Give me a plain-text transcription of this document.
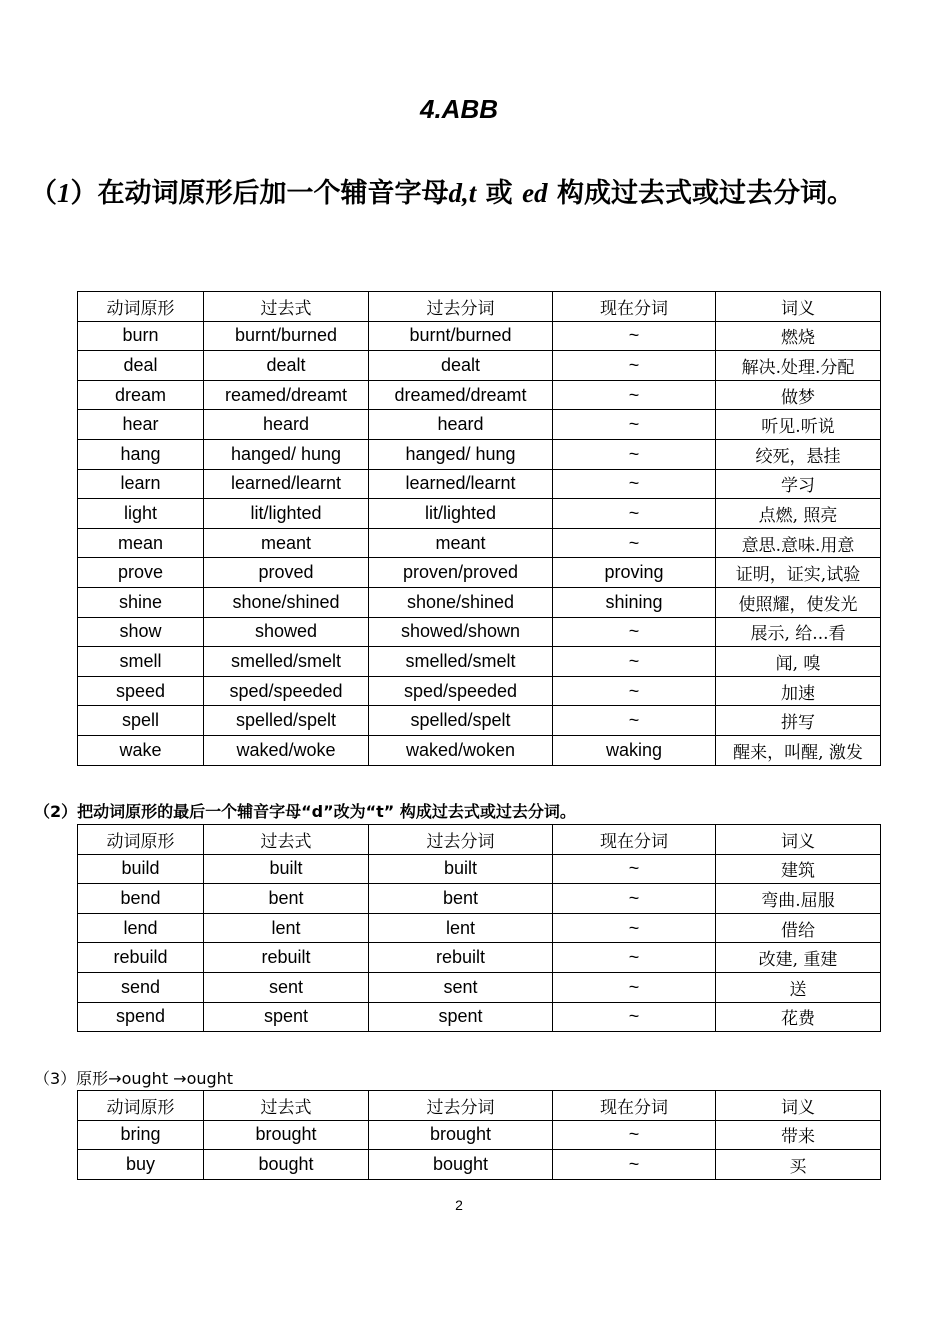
4.ABB
（1）在动词原形后加一个辅音字母d,t 或 ed 构成过去式或过去分词。
动词原形	过去式	过去分词	现在分词	词义
burn	burnt/burned	burnt/burned	~	燃烧
deal	dealt	dealt	~	解决.处理.分配
dream	reamed/dreamt	dreamed/dreamt	~	做梦
hear	heard	heard	~	听见.听说
hang	hanged/ hung	hanged/ hung	~	绞死，悬挂
learn	learned/learnt	learned/learnt	~	学习
light	lit/lighted	lit/lighted	~	点燃, 照亮
mean	meant	meant	~	意思.意味.用意
prove	proved	proven/proved	proving	证明，证实,试验
shine	shone/shined	shone/shined	shining	使照耀，使发光
show	showed	showed/shown	~	展示, 给...看
smell	smelled/smelt	smelled/smelt	~	闻, 嗅
speed	sped/speeded	sped/speeded	~	加速
spell	spelled/spelt	spelled/spelt	~	拼写
wake	waked/woke	waked/woken	waking	醒来，叫醒, 激发
（2）把动词原形的最后一个辅音字母“d”改为“t” 构成过去式或过去分词。
动词原形	过去式	过去分词	现在分词	词义
build	built	built	~	建筑
bend	bent	bent	~	弯曲.屈服
lend	lent	lent	~	借给
rebuild	rebuilt	rebuilt	~	改建, 重建
send	sent	sent	~	送
spend	spent	spent	~	花费
（3）原形→ought →ought
动词原形	过去式	过去分词	现在分词	词义
bring	brought	brought	~	带来
buy	bought	bought	~	买
2
